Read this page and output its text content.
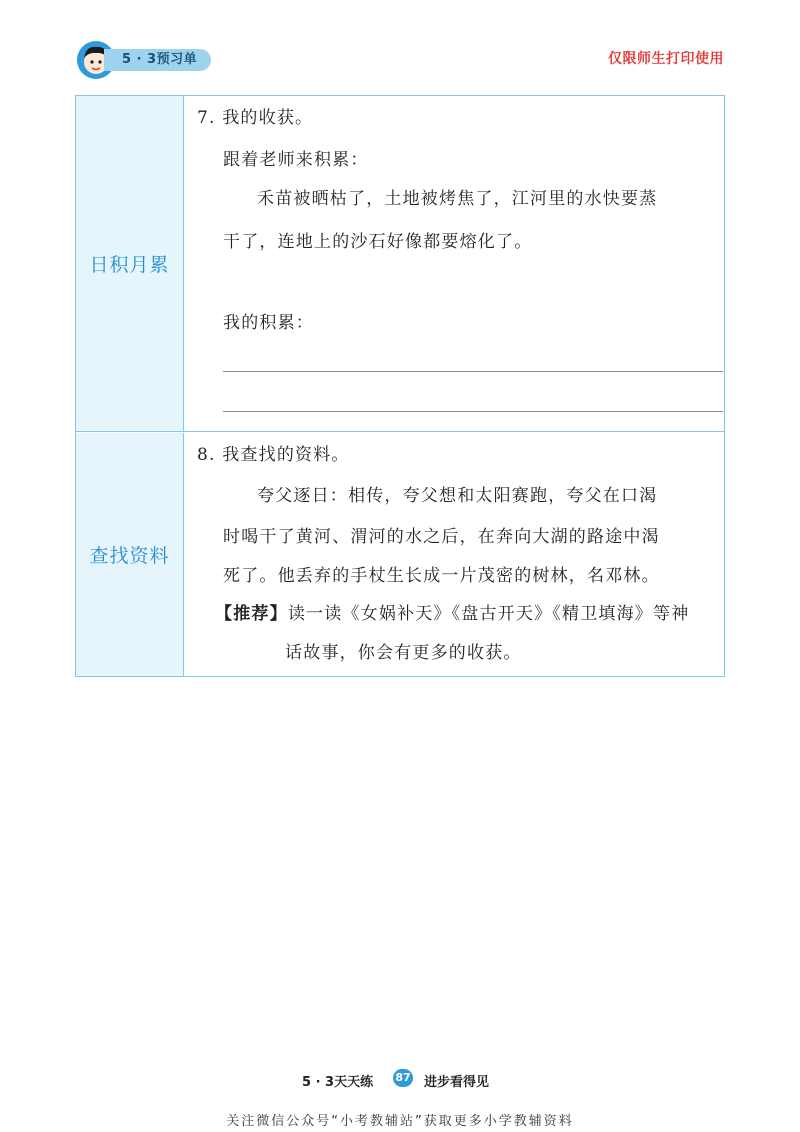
5 · 3预习单	仅限师生打印使用
日积月累
7. 我的收获。
跟着老师来积累：
禾苗被晒枯了，土地被烤焦了，江河里的水快要蒸
干了，连地上的沙石好像都要熔化了。
我的积累：
查找资料
8. 我查找的资料。
夸父逐日：相传，夸父想和太阳赛跑，夸父在口渴
时喝干了黄河、渭河的水之后，在奔向大湖的路途中渴
死了。他丢弃的手杖生长成一片茂密的树林，名邓林。
【推荐】读一读《女娲补天》《盘古开天》《精卫填海》等神
话故事，你会有更多的收获。
5 · 3天天练 87 进步看得见
关注微信公众号“小考教辅站”获取更多小学教辅资料
